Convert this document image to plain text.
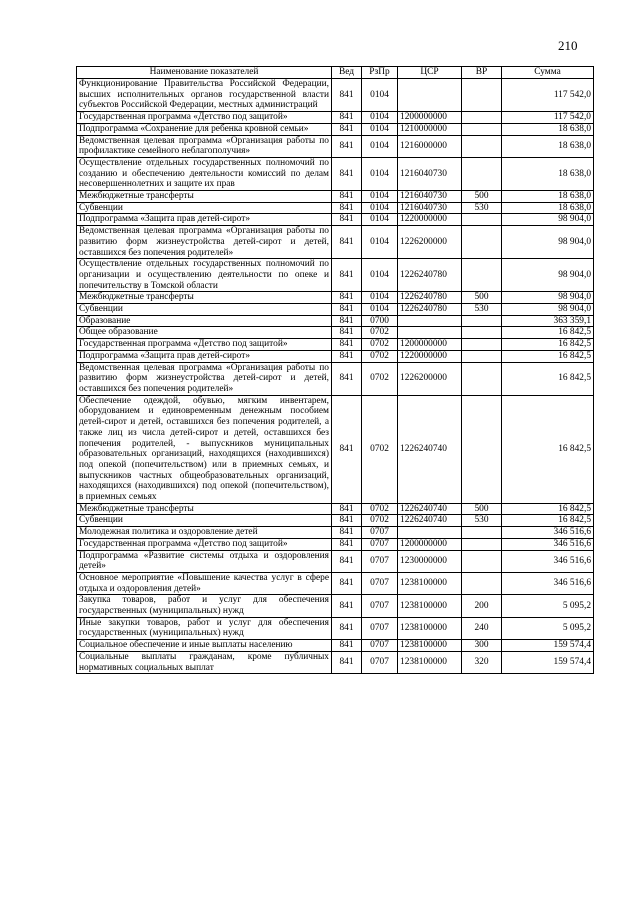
210
Наименование показателей	Вед	РзПр	ЦСР	ВР	Сумма
Функционирование Правительства Российской Федерации, высших исполнительных органов государственной власти субъектов Российской Федерации, местных администраций	841	0104			117 542,0
Государственная программа «Детство под защитой»	841	0104	1200000000		117 542,0
Подпрограмма «Сохранение для ребенка кровной семьи»	841	0104	1210000000		18 638,0
Ведомственная целевая программа «Организация работы по профилактике семейного неблагополучия»	841	0104	1216000000		18 638,0
Осуществление отдельных государственных полномочий по созданию и обеспечению деятельности комиссий по делам несовершеннолетних и защите их прав	841	0104	1216040730		18 638,0
Межбюджетные трансферты	841	0104	1216040730	500	18 638,0
Субвенции	841	0104	1216040730	530	18 638,0
Подпрограмма «Защита прав детей-сирот»	841	0104	1220000000		98 904,0
Ведомственная целевая программа «Организация работы по развитию форм жизнеустройства детей-сирот и детей, оставшихся без попечения родителей»	841	0104	1226200000		98 904,0
Осуществление отдельных государственных полномочий по организации и осуществлению деятельности по опеке и попечительству в Томской области	841	0104	1226240780		98 904,0
Межбюджетные трансферты	841	0104	1226240780	500	98 904,0
Субвенции	841	0104	1226240780	530	98 904,0
Образование	841	0700			363 359,1
Общее образование	841	0702			16 842,5
Государственная программа «Детство под защитой»	841	0702	1200000000		16 842,5
Подпрограмма «Защита прав детей-сирот»	841	0702	1220000000		16 842,5
Ведомственная целевая программа «Организация работы по развитию форм жизнеустройства детей-сирот и детей, оставшихся без попечения родителей»	841	0702	1226200000		16 842,5
Обеспечение одеждой, обувью, мягким инвентарем, оборудованием и единовременным денежным пособием детей-сирот и детей, оставшихся без попечения родителей, а также лиц из числа детей-сирот и детей, оставшихся без попечения родителей, - выпускников муниципальных образовательных организаций, находящихся (находившихся) под опекой (попечительством) или в приемных семьях, и выпускников частных общеобразовательных организаций, находящихся (находившихся) под опекой (попечительством), в приемных семьях	841	0702	1226240740		16 842,5
Межбюджетные трансферты	841	0702	1226240740	500	16 842,5
Субвенции	841	0702	1226240740	530	16 842,5
Молодежная политика и оздоровление детей	841	0707			346 516,6
Государственная программа «Детство под защитой»	841	0707	1200000000		346 516,6
Подпрограмма «Развитие системы отдыха и оздоровления детей»	841	0707	1230000000		346 516,6
Основное мероприятие «Повышение качества услуг в сфере отдыха и оздоровления детей»	841	0707	1238100000		346 516,6
Закупка товаров, работ и услуг для обеспечения государственных (муниципальных) нужд	841	0707	1238100000	200	5 095,2
Иные закупки товаров, работ и услуг для обеспечения государственных (муниципальных) нужд	841	0707	1238100000	240	5 095,2
Социальное обеспечение и иные выплаты населению	841	0707	1238100000	300	159 574,4
Социальные выплаты гражданам, кроме публичных нормативных социальных выплат	841	0707	1238100000	320	159 574,4
